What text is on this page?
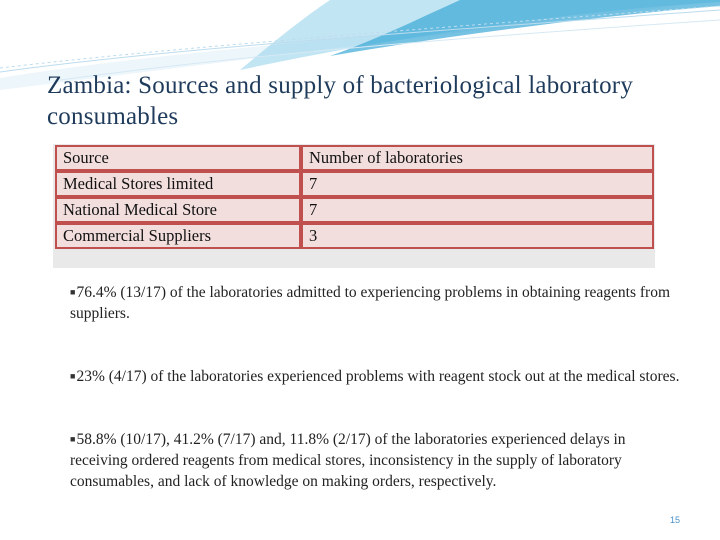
Zambia: Sources and supply of bacteriological laboratory consumables
Source	Number of laboratories
Medical Stores limited	7
National Medical Store	7
Commercial Suppliers	3
■76.4% (13/17) of the laboratories admitted to experiencing problems in obtaining reagents from suppliers.
■23% (4/17) of the laboratories experienced problems with reagent stock out at the medical stores.
■58.8% (10/17), 41.2% (7/17) and, 11.8% (2/17) of the laboratories experienced delays in receiving ordered reagents from medical stores, inconsistency in the supply of laboratory consumables, and lack of knowledge on making orders, respectively.
15
